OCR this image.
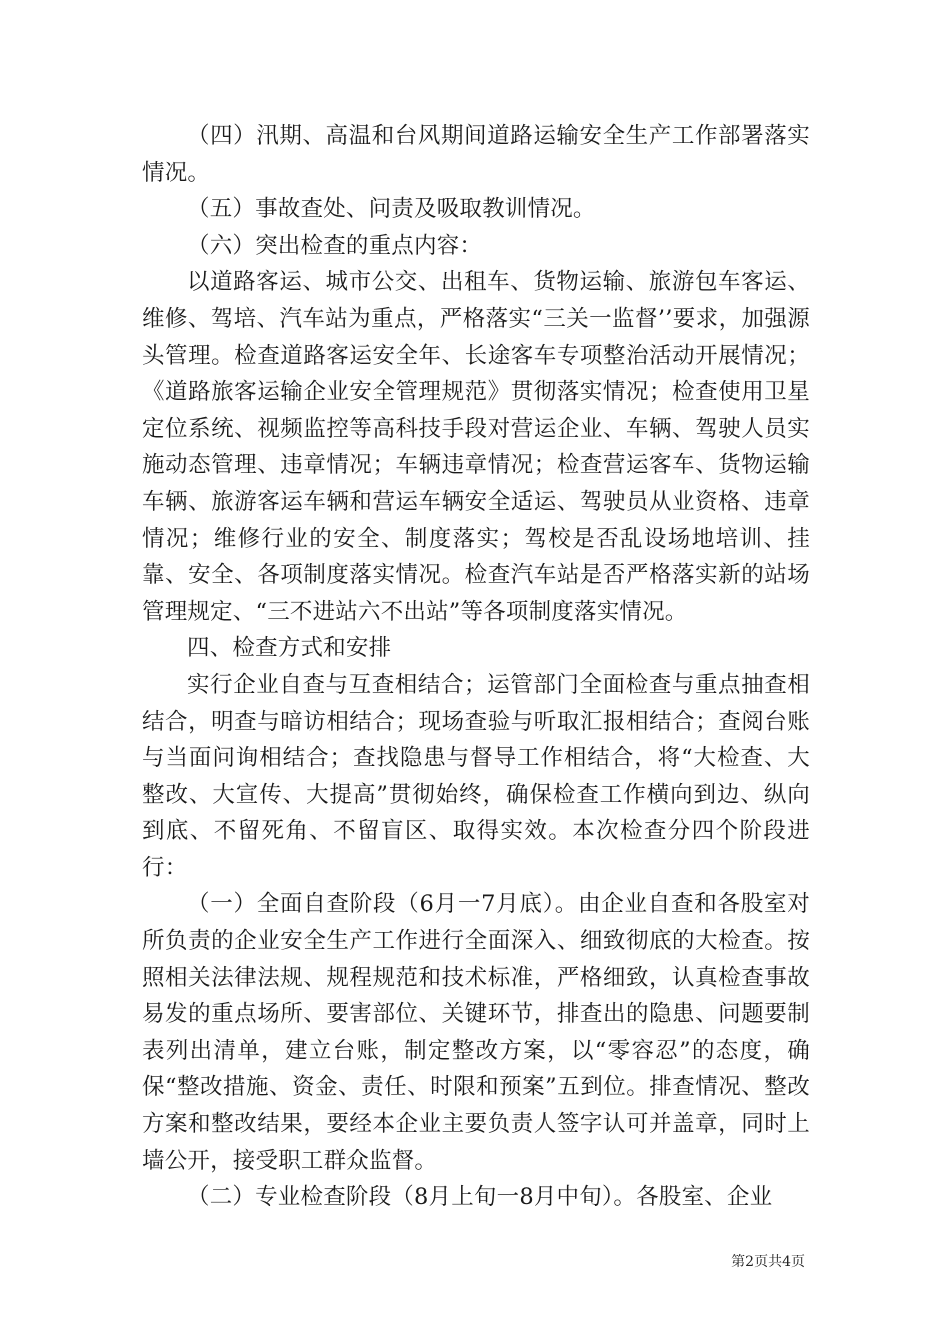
（四）汛期、高温和台风期间道路运输安全生产工作部署落实情况。

（五）事故查处、问责及吸取教训情况。

（六）突出检查的重点内容：

以道路客运、城市公交、出租车、货物运输、旅游包车客运、维修、驾培、汽车站为重点，严格落实“三关一监督’’要求，加强源头管理。检查道路客运安全年、长途客车专项整治活动开展情况；《道路旅客运输企业安全管理规范》贯彻落实情况；检查使用卫星定位系统、视频监控等高科技手段对营运企业、车辆、驾驶人员实施动态管理、违章情况；车辆违章情况；检查营运客车、货物运输车辆、旅游客运车辆和营运车辆安全适运、驾驶员从业资格、违章情况；维修行业的安全、制度落实；驾校是否乱设场地培训、挂靠、安全、各项制度落实情况。检查汽车站是否严格落实新的站场管理规定、“三不进站六不出站”等各项制度落实情况。

四、检查方式和安排

实行企业自查与互查相结合；运管部门全面检查与重点抽查相结合，明查与暗访相结合；现场查验与听取汇报相结合；查阅台账与当面问询相结合；查找隐患与督导工作相结合，将“大检查、大整改、大宣传、大提高”贯彻始终，确保检查工作横向到边、纵向到底、不留死角、不留盲区、取得实效。本次检查分四个阶段进行：

（一）全面自查阶段（6月一7月底）。由企业自查和各股室对所负责的企业安全生产工作进行全面深入、细致彻底的大检查。按照相关法律法规、规程规范和技术标准，严格细致，认真检查事故易发的重点场所、要害部位、关键环节，排查出的隐患、问题要制表列出清单，建立台账，制定整改方案，以“零容忍”的态度，确保“整改措施、资金、责任、时限和预案”五到位。排查情况、整改方案和整改结果，要经本企业主要负责人签字认可并盖章，同时上墙公开，接受职工群众监督。

（二）专业检查阶段（8月上旬一8月中旬）。各股室、企业

第2页共4页
